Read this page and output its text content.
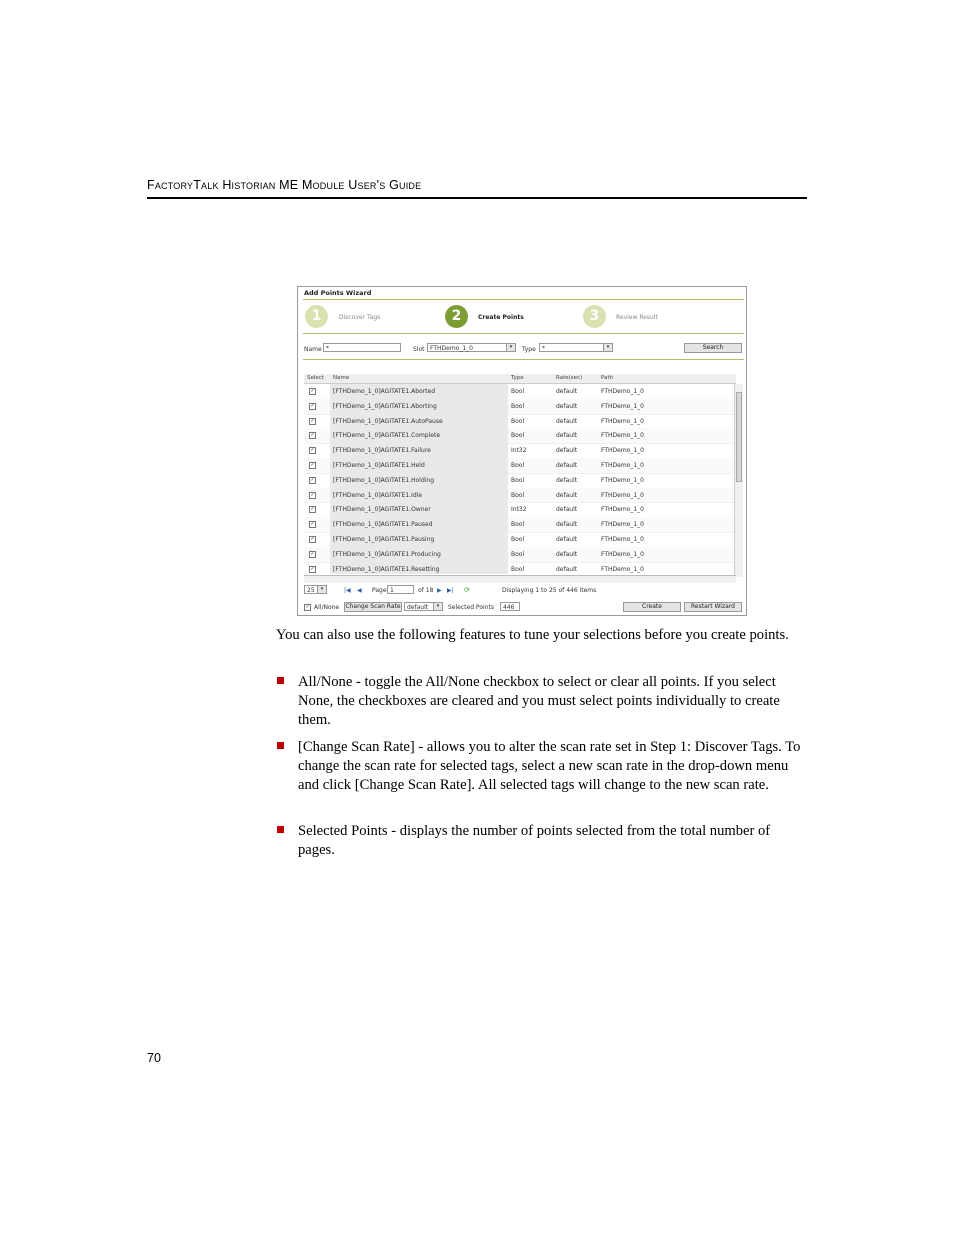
FactoryTalk Historian ME Module User's Guide
Add Points Wizard
1	Discover Tags	2	Create Points	3	Review Result
Name *	Slot FTHDemo_1_0	▾	Type	*	▾	Search
Select Name	Type	Rate(sec)	Path
✓	[FTHDemo_1_0]AGITATE1.Aborted	Bool	default	FTHDemo_1_0
✓	[FTHDemo_1_0]AGITATE1.Aborting	Bool	default	FTHDemo_1_0
✓	[FTHDemo_1_0]AGITATE1.AutoPause	Bool	default	FTHDemo_1_0
✓	[FTHDemo_1_0]AGITATE1.Complete	Bool	default	FTHDemo_1_0
✓	[FTHDemo_1_0]AGITATE1.Failure	Int32	default	FTHDemo_1_0
✓	[FTHDemo_1_0]AGITATE1.Held	Bool	default	FTHDemo_1_0
✓	[FTHDemo_1_0]AGITATE1.Holding	Bool	default	FTHDemo_1_0
✓	[FTHDemo_1_0]AGITATE1.Idle	Bool	default	FTHDemo_1_0
✓	[FTHDemo_1_0]AGITATE1.Owner	Int32	default	FTHDemo_1_0
✓	[FTHDemo_1_0]AGITATE1.Paused	Bool	default	FTHDemo_1_0
✓	[FTHDemo_1_0]AGITATE1.Pausing	Bool	default	FTHDemo_1_0
✓	[FTHDemo_1_0]AGITATE1.Producing	Bool	default	FTHDemo_1_0
✓	[FTHDemo_1_0]AGITATE1.Resetting	Bool	default	FTHDemo_1_0
25	▾	|◀ ◀ Page 1	of 18 ▶ ▶| ⟳	Displaying 1 to 25 of 446 items
✓ All/None Change Scan Rate default	▾	Selected Points	446	Create	Restart Wizard
You can also use the following features to tune your selections before you create points.
All/None - toggle the All/None checkbox to select or clear all points. If you select None, the checkboxes are cleared and you must select points individually to create them.
[Change Scan Rate] - allows you to alter the scan rate set in Step 1: Discover Tags. To change the scan rate for selected tags, select a new scan rate in the drop-down menu and click [Change Scan Rate]. All selected tags will change to the new scan rate.
Selected Points - displays the number of points selected from the total number of pages.
70
